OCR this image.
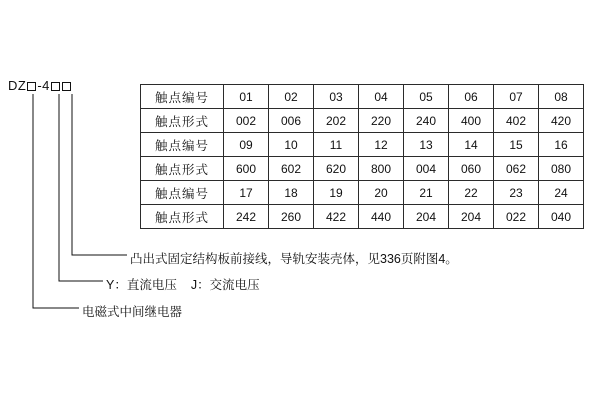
DZ -4
触点编号	01	02	03	04	05	06	07	08
触点形式	002	006	202	220	240	400	402	420
触点编号	09	10	11	12	13	14	15	16
触点形式	600	602	620	800	004	060	062	080
触点编号	17	18	19	20	21	22	23	24
触点形式	242	260	422	440	204	204	022	040
凸出式固定结构板前接线，导轨安装壳体，见336页附图4。
Y：直流电压 J：交流电压
电磁式中间继电器
